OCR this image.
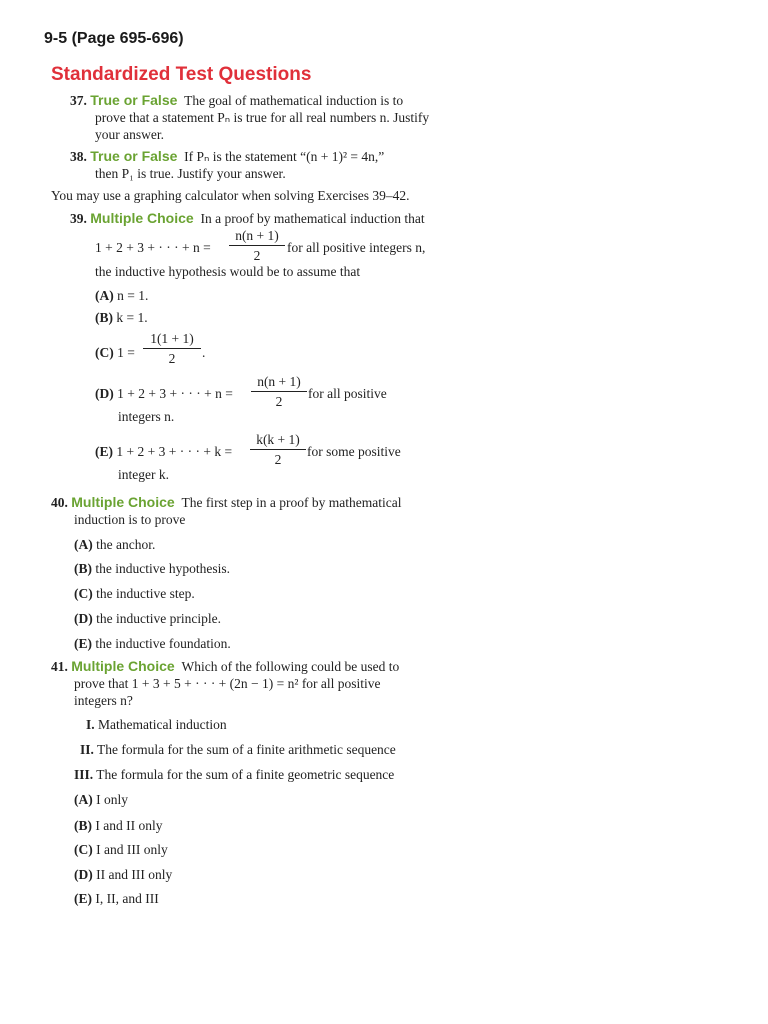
9-5 (Page 695-696)
Standardized Test Questions
37. True or False The goal of mathematical induction is to
prove that a statement Pₙ is true for all real numbers n. Justify
your answer.
38. True or False If Pₙ is the statement “(n + 1)² = 4n,”
then P₁ is true. Justify your answer.
You may use a graphing calculator when solving Exercises 39–42.
39. Multiple Choice In a proof by mathematical induction that
1 + 2 + 3 + · · · + $n = \frac{n(n + 1)}{2}$ for all positive integers n,
the inductive hypothesis would be to assume that
(A) n = 1.
(B) k = 1.
(C) $1 = \frac{1(1 + 1)}{2}$ .
(D) 1 + 2 + 3 + · · · + $n = \frac{n(n + 1)}{2}$ for all positive
integers n.
(E) 1 + 2 + 3 + · · · + $k = \frac{k(k + 1)}{2}$ for some positive
integer k.
40. Multiple Choice The first step in a proof by mathematical
induction is to prove
(A) the anchor.
(B) the inductive hypothesis.
(C) the inductive step.
(D) the inductive principle.
(E) the inductive foundation.
41. Multiple Choice Which of the following could be used to
prove that 1 + 3 + 5 + · · · + (2n − 1) = n² for all positive
integers n?
I. Mathematical induction
II. The formula for the sum of a finite arithmetic sequence
III. The formula for the sum of a finite geometric sequence
(A) I only
(B) I and II only
(C) I and III only
(D) II and III only
(E) I, II, and III
